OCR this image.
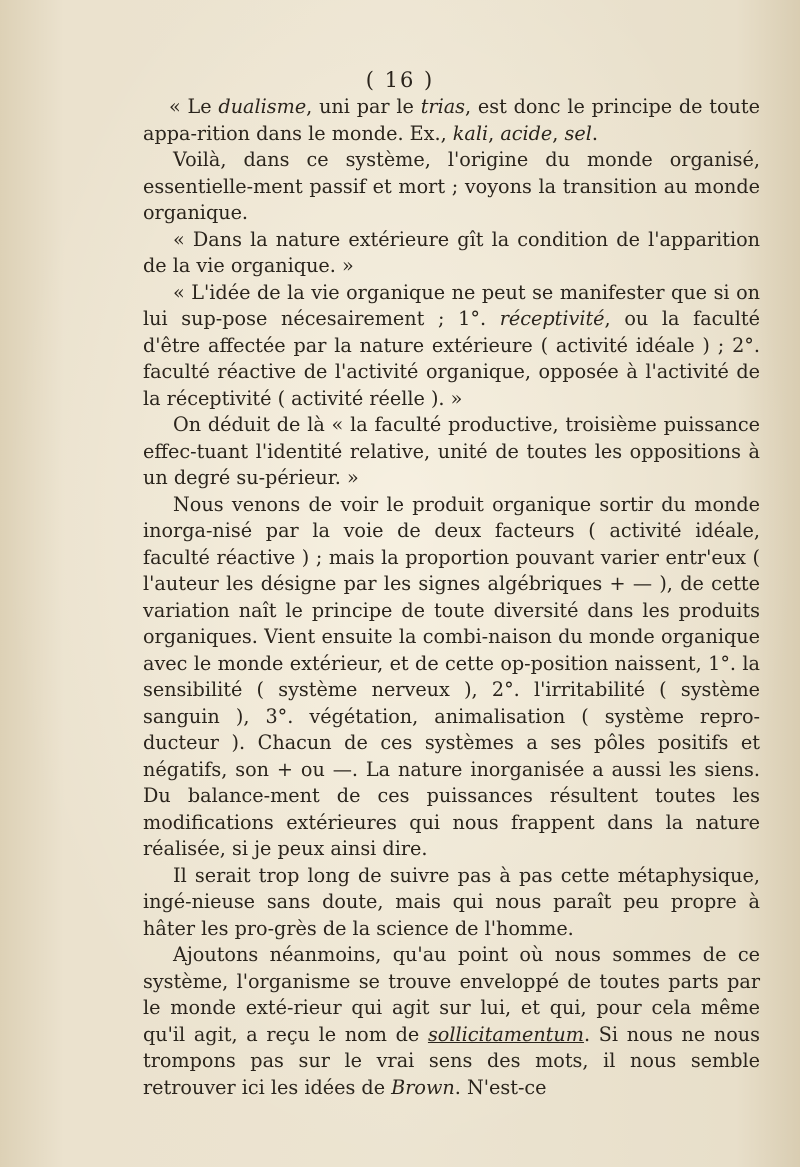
( 16 )

« Le dualisme, uni par le trias, est donc le principe de toute appa-rition dans le monde. Ex., kali, acide, sel.

Voilà, dans ce système, l'origine du monde organisé, essentielle-ment passif et mort ; voyons la transition au monde organique.

« Dans la nature extérieure gît la condition de l'apparition de la vie organique. »

« L'idée de la vie organique ne peut se manifester que si on lui sup-pose nécesairement ; 1°. réceptivité, ou la faculté d'être affectée par la nature extérieure ( activité idéale ) ; 2°. faculté réactive de l'activité organique, opposée à l'activité de la réceptivité ( activité réelle ). »

On déduit de là « la faculté productive, troisième puissance effec-tuant l'identité relative, unité de toutes les oppositions à un degré su-périeur. »

Nous venons de voir le produit organique sortir du monde inorga-nisé par la voie de deux facteurs ( activité idéale, faculté réactive ) ; mais la proportion pouvant varier entr'eux ( l'auteur les désigne par les signes algébriques + — ), de cette variation naît le principe de toute diversité dans les produits organiques. Vient ensuite la combi-naison du monde organique avec le monde extérieur, et de cette op-position naissent, 1°. la sensibilité ( système nerveux ), 2°. l'irritabilité ( système sanguin ), 3°. végétation, animalisation ( système repro-ducteur ). Chacun de ces systèmes a ses pôles positifs et négatifs, son + ou —. La nature inorganisée a aussi les siens. Du balance-ment de ces puissances résultent toutes les modifications extérieures qui nous frappent dans la nature réalisée, si je peux ainsi dire.

Il serait trop long de suivre pas à pas cette métaphysique, ingé-nieuse sans doute, mais qui nous paraît peu propre à hâter les pro-grès de la science de l'homme.

Ajoutons néanmoins, qu'au point où nous sommes de ce système, l'organisme se trouve enveloppé de toutes parts par le monde exté-rieur qui agit sur lui, et qui, pour cela même qu'il agit, a reçu le nom de sollicitamentum. Si nous ne nous trompons pas sur le vrai sens des mots, il nous semble retrouver ici les idées de Brown. N'est-ce
